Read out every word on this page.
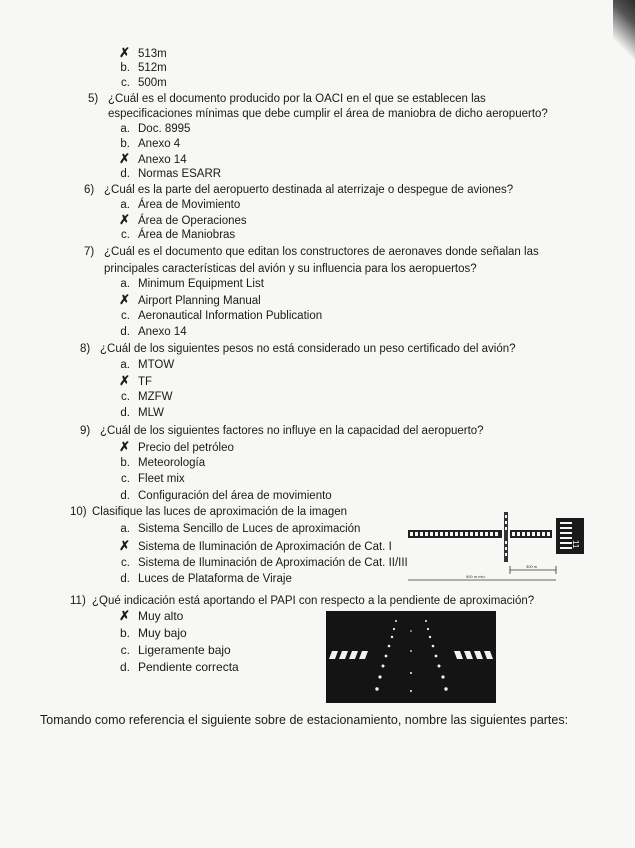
✗ 513m
b. 512m
c. 500m
5) ¿Cuál es el documento producido por la OACI en el que se establecen las
especificaciones mínimas que debe cumplir el área de maniobra de dicho aeropuerto?
a. Doc. 8995
b. Anexo 4
✗ Anexo 14
d. Normas ESARR
6) ¿Cuál es la parte del aeropuerto destinada al aterrizaje o despegue de aviones?
a. Área de Movimiento
✗ Área de Operaciones
c. Área de Maniobras
7) ¿Cuál es el documento que editan los constructores de aeronaves donde señalan las
principales características del avión y su influencia para los aeropuertos?
a. Minimum Equipment List
✗ Airport Planning Manual
c. Aeronautical Information Publication
d. Anexo 14
8) ¿Cuál de los siguientes pesos no está considerado un peso certificado del avión?
a. MTOW
✗ TF
c. MZFW
d. MLW
9) ¿Cuál de los siguientes factores no influye en la capacidad del aeropuerto?
✗ Precio del petróleo
b. Meteorología
c. Fleet mix
d. Configuración del área de movimiento
10) Clasifique las luces de aproximación de la imagen
a. Sistema Sencillo de Luces de aproximación
✗ Sistema de Iluminación de Aproximación de Cat. I
c. Sistema de Iluminación de Aproximación de Cat. II/III
d. Luces de Plataforma de Viraje
11
300 m
900 m min.
11) ¿Qué indicación está aportando el PAPI con respecto a la pendiente de aproximación?
✗ Muy alto
b. Muy bajo
c. Ligeramente bajo
d. Pendiente correcta
Tomando como referencia el siguiente sobre de estacionamiento, nombre las siguientes partes:
